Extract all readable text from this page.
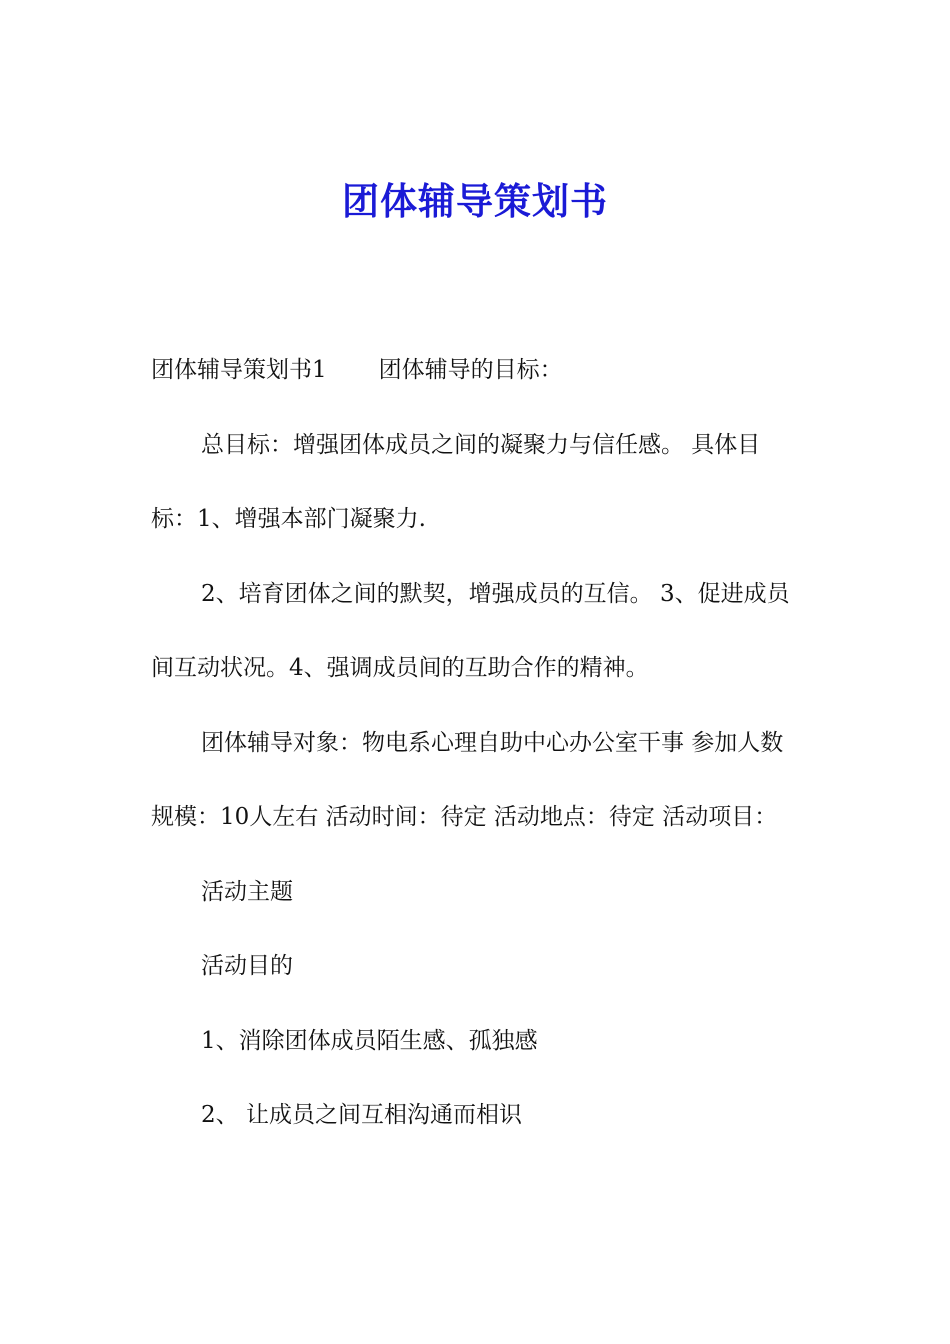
团体辅导策划书

团体辅导策划书1 团体辅导的目标：

总目标：增强团体成员之间的凝聚力与信任感。 具体目标：1、增强本部门凝聚力.

2、培育团体之间的默契，增强成员的互信。 3、促进成员间互动状况。4、强调成员间的互助合作的精神。

团体辅导对象：物电系心理自助中心办公室干事 参加人数规模：10人左右 活动时间：待定 活动地点：待定 活动项目：

活动主题

活动目的

1、消除团体成员陌生感、孤独感

2、 让成员之间互相沟通而相识
